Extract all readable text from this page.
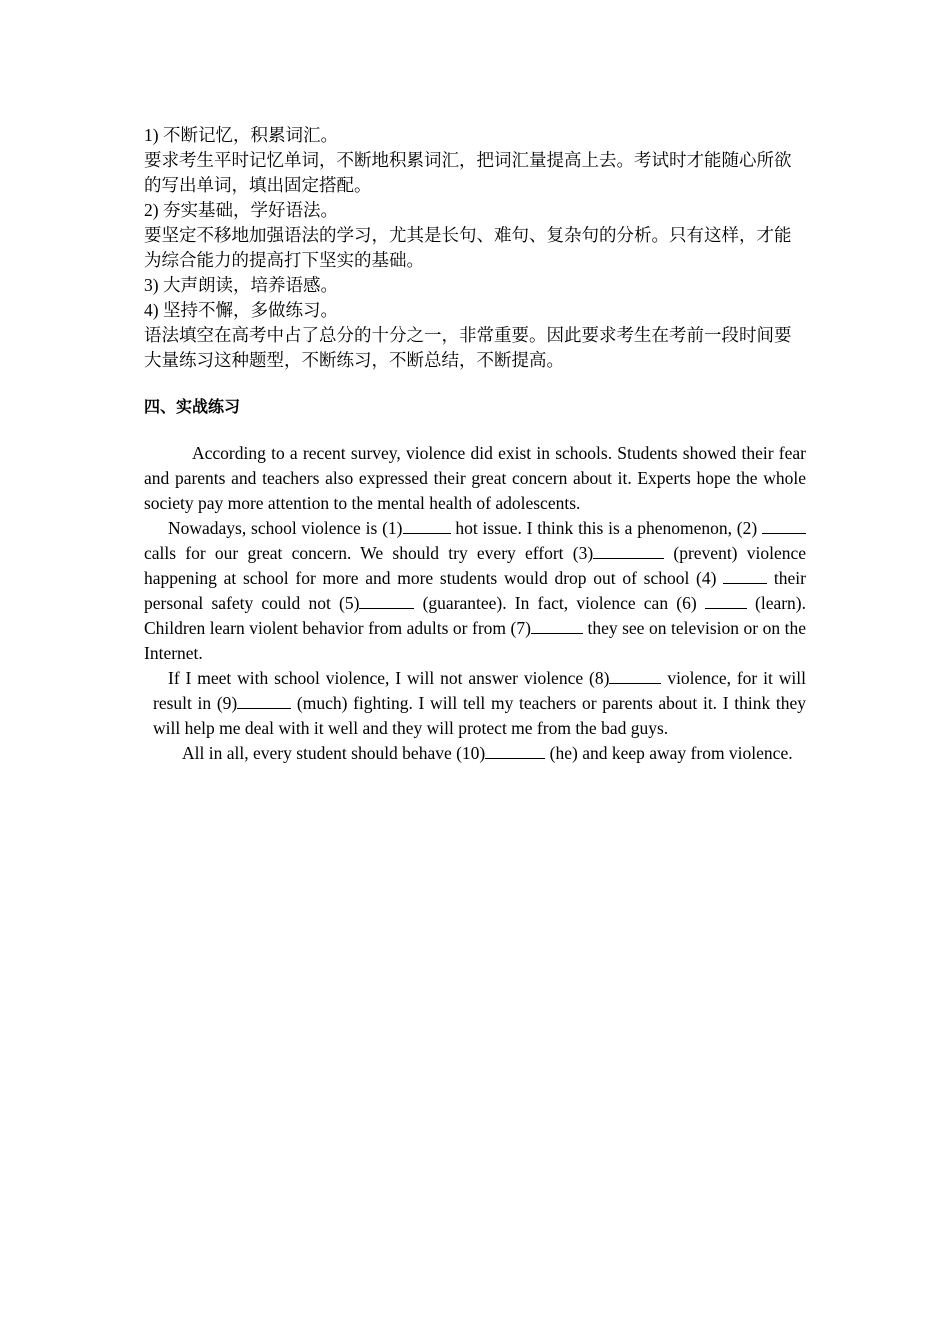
1) 不断记忆，积累词汇。

要求考生平时记忆单词，不断地积累词汇，把词汇量提高上去。考试时才能随心所欲的写出单词，填出固定搭配。

2) 夯实基础，学好语法。

要坚定不移地加强语法的学习，尤其是长句、难句、复杂句的分析。只有这样，才能为综合能力的提高打下坚实的基础。

3) 大声朗读，培养语感。

4) 坚持不懈，多做练习。

语法填空在高考中占了总分的十分之一，非常重要。因此要求考生在考前一段时间要大量练习这种题型，不断练习，不断总结，不断提高。

四、实战练习

According to a recent survey, violence did exist in schools. Students showed their fear and parents and teachers also expressed their great concern about it. Experts hope the whole society pay more attention to the mental health of adolescents.

Nowadays, school violence is (1)	hot issue. I think this is a phenomenon, (2)  calls for our great concern. We should try every effort (3)	(prevent) violence happening at school for more and more students would drop out of school (4)	their personal safety could not (5)	(guarantee). In fact, violence can (6)  (learn). Children learn violent behavior from adults or from (7)	they see on television or on the Internet.

If I meet with school violence, I will not answer violence (8)	violence, for it will result in (9)	(much) fighting. I will tell my teachers or parents about it. I think they will help me deal with it well and they will protect me from the bad guys.

All in all, every student should behave (10)	(he) and keep away from violence.
